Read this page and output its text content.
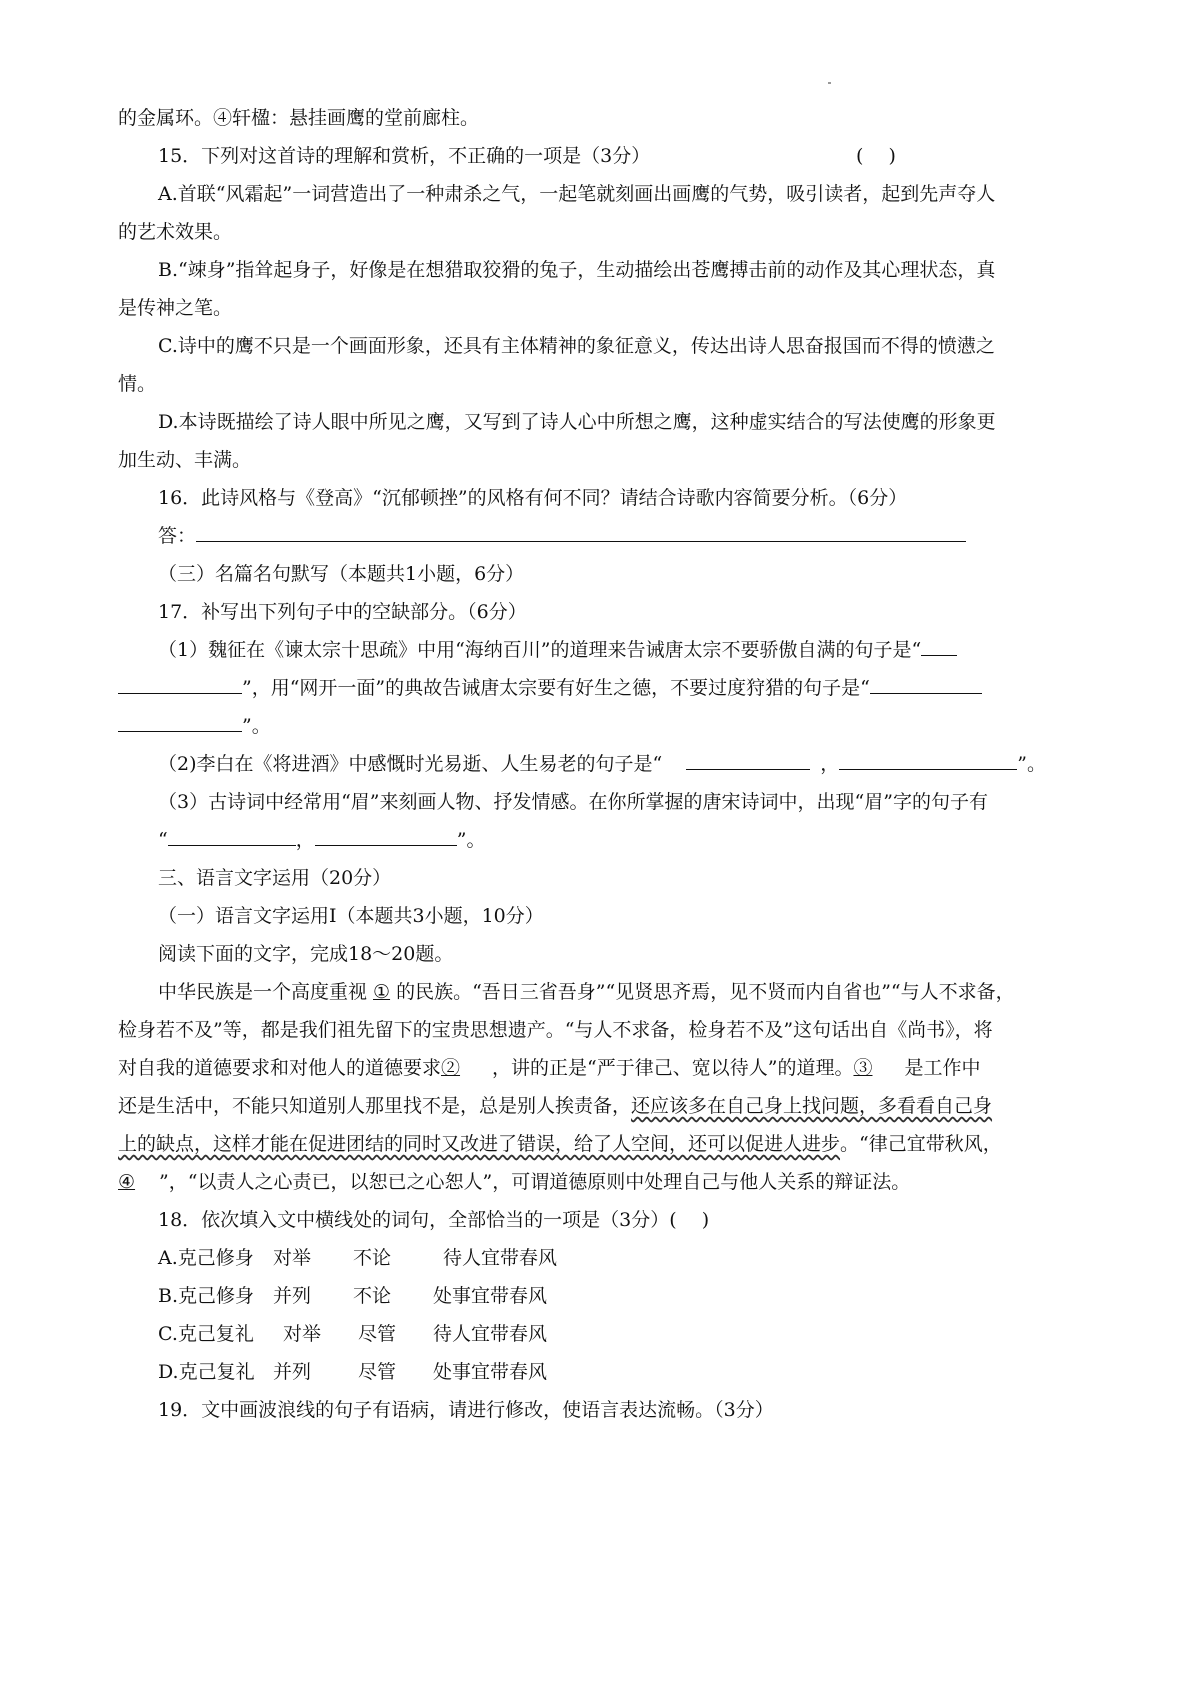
的金属环。④轩楹：悬挂画鹰的堂前廊柱。
15．下列对这首诗的理解和赏析，不正确的一项是（3分）	(　 )
A.首联“风霜起”一词营造出了一种肃杀之气，一起笔就刻画出画鹰的气势，吸引读者，起到先声夺人
的艺术效果。
B.“竦身”指耸起身子，好像是在想猎取狡猾的兔子，生动描绘出苍鹰搏击前的动作及其心理状态，真
是传神之笔。
C.诗中的鹰不只是一个画面形象，还具有主体精神的象征意义，传达出诗人思奋报国而不得的愤懑之
情。
D.本诗既描绘了诗人眼中所见之鹰，又写到了诗人心中所想之鹰，这种虚实结合的写法使鹰的形象更
加生动、丰满。
16．此诗风格与《登高》“沉郁顿挫”的风格有何不同？请结合诗歌内容简要分析。（6分）
答：
（三）名篇名句默写（本题共1小题，6分）
17．补写出下列句子中的空缺部分。（6分）
（1）魏征在《谏太宗十思疏》中用“海纳百川”的道理来告诫唐太宗不要骄傲自满的句子是“
”，用“网开一面”的典故告诫唐太宗要有好生之德，不要过度狩猎的句子是“
”。
（2)李白在《将进酒》中感慨时光易逝、人生易老的句子是“	，	”。
（3）古诗词中经常用“眉”来刻画人物、抒发情感。在你所掌握的唐宋诗词中，出现“眉”字的句子有
“	，	”。
三、语言文字运用（20分）
（一）语言文字运用I（本题共3小题，10分）
阅读下面的文字，完成18～20题。
中华民族是一个高度重视 ① 的民族。“吾日三省吾身”“见贤思齐焉，见不贤而内自省也”“与人不求备，
检身若不及”等，都是我们祖先留下的宝贵思想遗产。“与人不求备，检身若不及”这句话出自《尚书》，将
对自我的道德要求和对他人的道德要求② ，讲的正是“严于律己、宽以待人”的道理。③ 是工作中
还是生活中，不能只知道别人那里找不是，总是别人挨责备，还应该多在自己身上找问题，多看看自己身
上的缺点，这样才能在促进团结的同时又改进了错误，给了人空间，还可以促进人进步。“律己宜带秋风，
④ ”，“以责人之心责已，以恕已之心恕人”，可谓道德原则中处理自己与他人关系的辩证法。
18．依次填入文中横线处的词句，全部恰当的一项是（3分）(　 )
A.克己修身 对举 不论	待人宜带春风
B.克己修身 并列 不论 处事宜带春风
C.克己复礼 对举 尽管 待人宜带春风
D.克己复礼 并列 尽管 处事宜带春风
19．文中画波浪线的句子有语病，请进行修改，使语言表达流畅。（3分）
